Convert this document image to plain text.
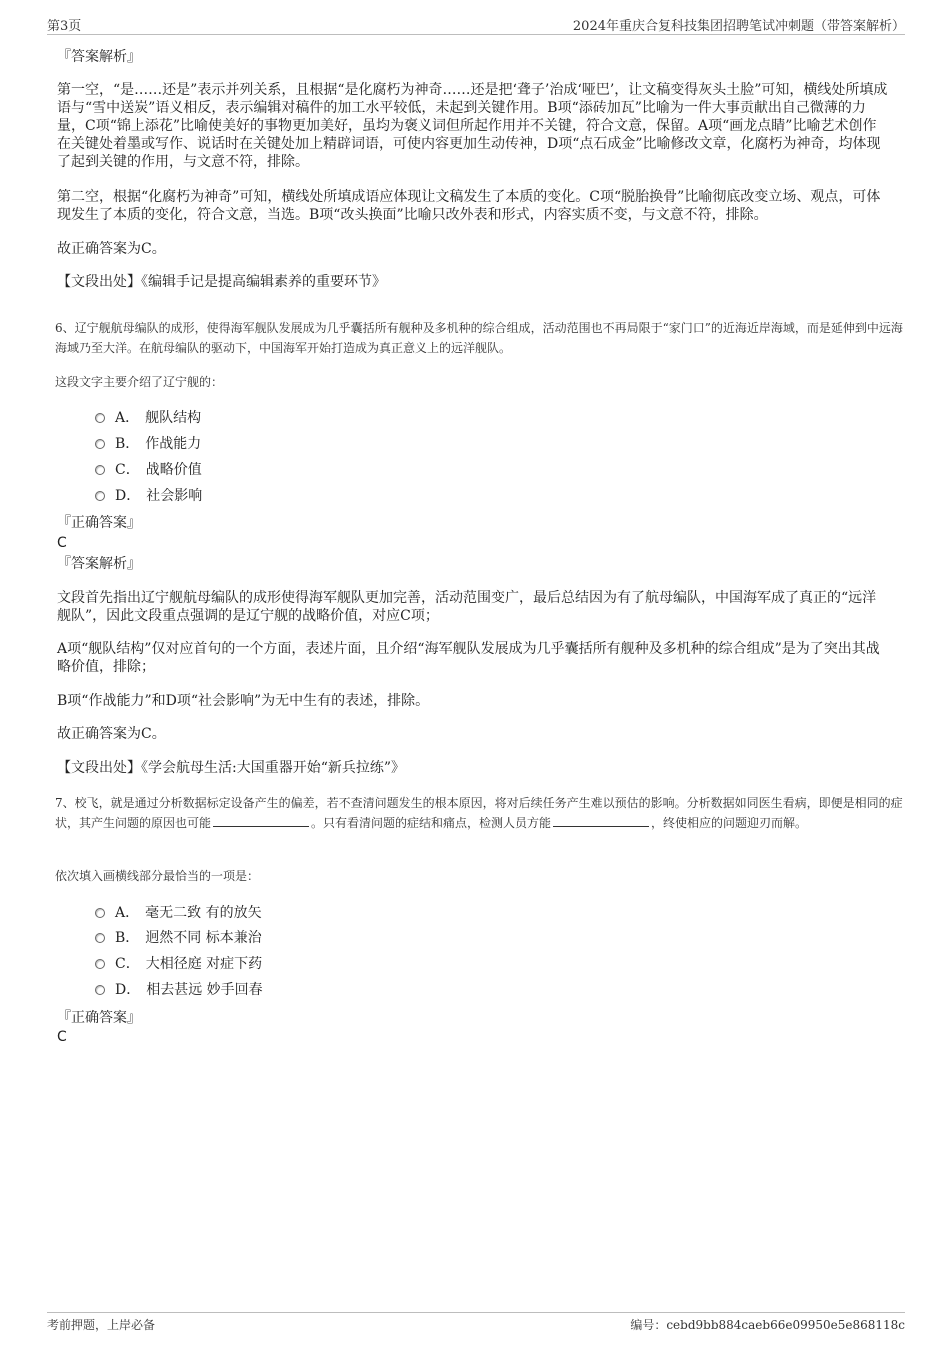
第3页	2024年重庆合复科技集团招聘笔试冲刺题（带答案解析）
『答案解析』

第一空，“是……还是”表示并列关系，且根据“是化腐朽为神奇……还是把‘聋子’治成‘哑巴’，让文稿变得灰头土脸”可知，横线处所填成语与“雪中送炭”语义相反，表示编辑对稿件的加工水平较低，未起到关键作用。B项“添砖加瓦”比喻为一件大事贡献出自己微薄的力量，C项“锦上添花”比喻使美好的事物更加美好，虽均为褒义词但所起作用并不关键，符合文意，保留。A项“画龙点睛”比喻艺术创作在关键处着墨或写作、说话时在关键处加上精辟词语，可使内容更加生动传神，D项“点石成金”比喻修改文章，化腐朽为神奇，均体现了起到关键的作用，与文意不符，排除。

第二空，根据“化腐朽为神奇”可知，横线处所填成语应体现让文稿发生了本质的变化。C项“脱胎换骨”比喻彻底改变立场、观点，可体现发生了本质的变化，符合文意，当选。B项“改头换面”比喻只改外表和形式，内容实质不变，与文意不符，排除。

故正确答案为C。
【文段出处】《编辑手记是提高编辑素养的重要环节》

6、辽宁舰航母编队的成形，使得海军舰队发展成为几乎囊括所有舰种及多机种的综合组成，活动范围也不再局限于“家门口”的近海近岸海域，而是延伸到中远海海域乃至大洋。在航母编队的驱动下，中国海军开始打造成为真正意义上的远洋舰队。

这段文字主要介绍了辽宁舰的：
A． 舰队结构
B． 作战能力
C． 战略价值
D． 社会影响
『正确答案』
C
『答案解析』

文段首先指出辽宁舰航母编队的成形使得海军舰队更加完善，活动范围变广，最后总结因为有了航母编队，中国海军成了真正的“远洋舰队”，因此文段重点强调的是辽宁舰的战略价值，对应C项；

A项“舰队结构”仅对应首句的一个方面，表述片面，且介绍“海军舰队发展成为几乎囊括所有舰种及多机种的综合组成”是为了突出其战略价值，排除；

B项“作战能力”和D项“社会影响”为无中生有的表述，排除。

故正确答案为C。
【文段出处】《学会航母生活:大国重器开始“新兵拉练”》

7、校飞，就是通过分析数据标定设备产生的偏差，若不查清问题发生的根本原因，将对后续任务产生难以预估的影响。分析数据如同医生看病，即便是相同的症状，其产生问题的原因也可能	。只有看清问题的症结和痛点，检测人员方能	，终使相应的问题迎刃而解。

依次填入画横线部分最恰当的一项是：
A． 毫无二致 有的放矢
B． 迥然不同 标本兼治
C． 大相径庭 对症下药
D． 相去甚远 妙手回春
『正确答案』
C
考前押题，上岸必备	编号：cebd9bb884caeb66e09950e5e868118c
